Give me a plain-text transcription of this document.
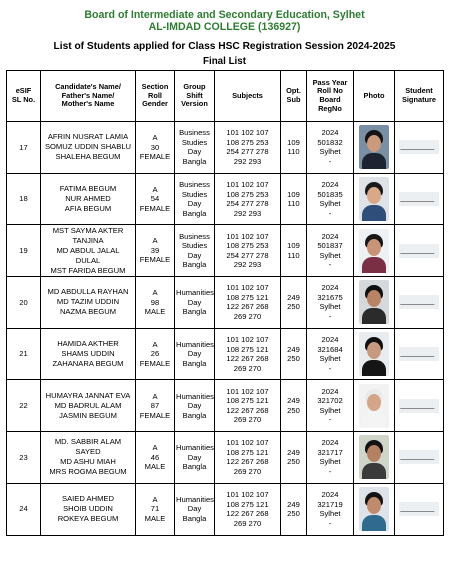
Board of Intermediate and Secondary Education, Sylhet
AL-IMDAD COLLEGE (136927)
List of Students applied for Class HSC Registration Session 2024-2025
Final List
eSIF
SL No.	Candidate's Name/
Father's Name/
Mother's Name	Section
Roll
Gender	Group
Shift
Version	Subjects	Opt.
Sub	Pass Year
Roll No
Board
RegNo	Photo	Student
Signature

17	AFRIN NUSRAT LAMIA
SOMUZ UDDIN SHABLU
SHALEHA BEGUM	A
30
FEMALE	Business
Studies
Day
Bangla	101 102 107
108 275 253
254 277 278
292 293	109
110	2024
501832
Sylhet
-		

18	FATIMA BEGUM
NUR AHMED
AFIA BEGUM	A
54
FEMALE	Business
Studies
Day
Bangla	101 102 107
108 275 253
254 277 278
292 293	109
110	2024
501835
Sylhet
-		

19	MST SAYMA AKTER
TANJINA
MD ABDUL JALAL
DULAL
MST FARIDA BEGUM	A
39
FEMALE	Business
Studies
Day
Bangla	101 102 107
108 275 253
254 277 278
292 293	109
110	2024
501837
Sylhet
-		

20	MD ABDULLA RAYHAN
MD TAZIM UDDIN
NAZMA BEGUM	A
98
MALE	Humanities
Day
Bangla	101 102 107
108 275 121
122 267 268
269 270	249
250	2024
321675
Sylhet
-		

21	HAMIDA AKTHER
SHAMS UDDIN
ZAHANARA BEGUM	A
26
FEMALE	Humanities
Day
Bangla	101 102 107
108 275 121
122 267 268
269 270	249
250	2024
321684
Sylhet
-		

22	HUMAYRA JANNAT EVA
MD BADRUL ALAM
JASMIN BEGUM	A
87
FEMALE	Humanities
Day
Bangla	101 102 107
108 275 121
122 267 268
269 270	249
250	2024
321702
Sylhet
-		

23	MD. SABBIR ALAM
SAYED
MD ASHU MIAH
MRS ROGMA BEGUM	A
46
MALE	Humanities
Day
Bangla	101 102 107
108 275 121
122 267 268
269 270	249
250	2024
321717
Sylhet
-		

24	SAIED AHMED
SHOIB UDDIN
ROKEYA BEGUM	A
71
MALE	Humanities
Day
Bangla	101 102 107
108 275 121
122 267 268
269 270	249
250	2024
321719
Sylhet
-		
